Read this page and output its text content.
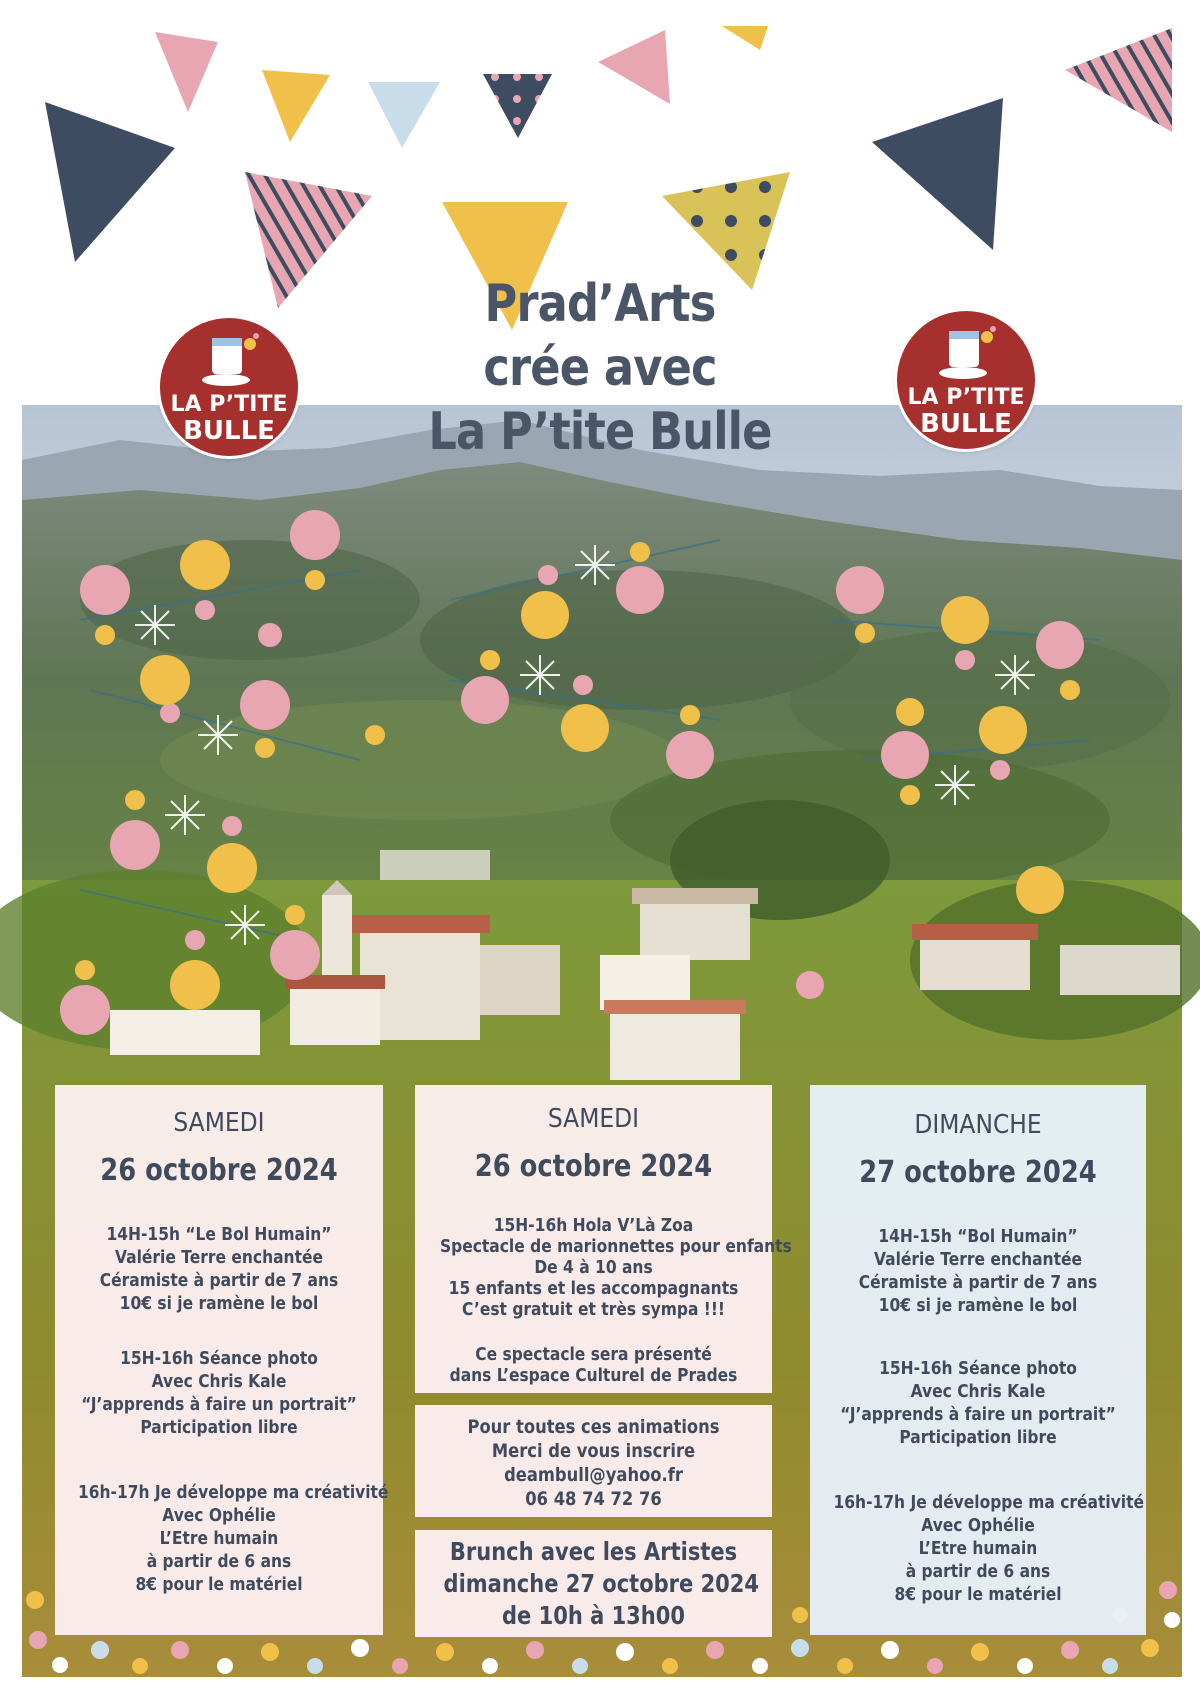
LA P’TITE
BULLE
LA P’TITE
BULLE
Prad’Arts
crée avec
La P’tite Bulle
SAMEDI
26 octobre 2024
14H-15h “Le Bol Humain”
Valérie Terre enchantée
Céramiste à partir de 7 ans
10€ si je ramène le bol
15H-16h Séance photo
Avec Chris Kale
“J’apprends à faire un portrait”
Participation libre
16h-17h Je développe ma créativité
Avec Ophélie
L’Etre humain
à partir de 6 ans
8€ pour le matériel
SAMEDI
26 octobre 2024
15H-16h Hola V’Là Zoa
Spectacle de marionnettes pour enfants
De 4 à 10 ans
15 enfants et les accompagnants
C’est gratuit et très sympa !!!
Ce spectacle sera présenté
dans L’espace Culturel de Prades
Pour toutes ces animations
Merci de vous inscrire
deambull@yahoo.fr
06 48 74 72 76
Brunch avec les Artistes
dimanche 27 octobre 2024
de 10h à 13h00
DIMANCHE
27 octobre 2024
14H-15h “Bol Humain”
Valérie Terre enchantée
Céramiste à partir de 7 ans
10€ si je ramène le bol
15H-16h Séance photo
Avec Chris Kale
“J’apprends à faire un portrait”
Participation libre
16h-17h Je développe ma créativité
Avec Ophélie
L’Etre humain
à partir de 6 ans
8€ pour le matériel
